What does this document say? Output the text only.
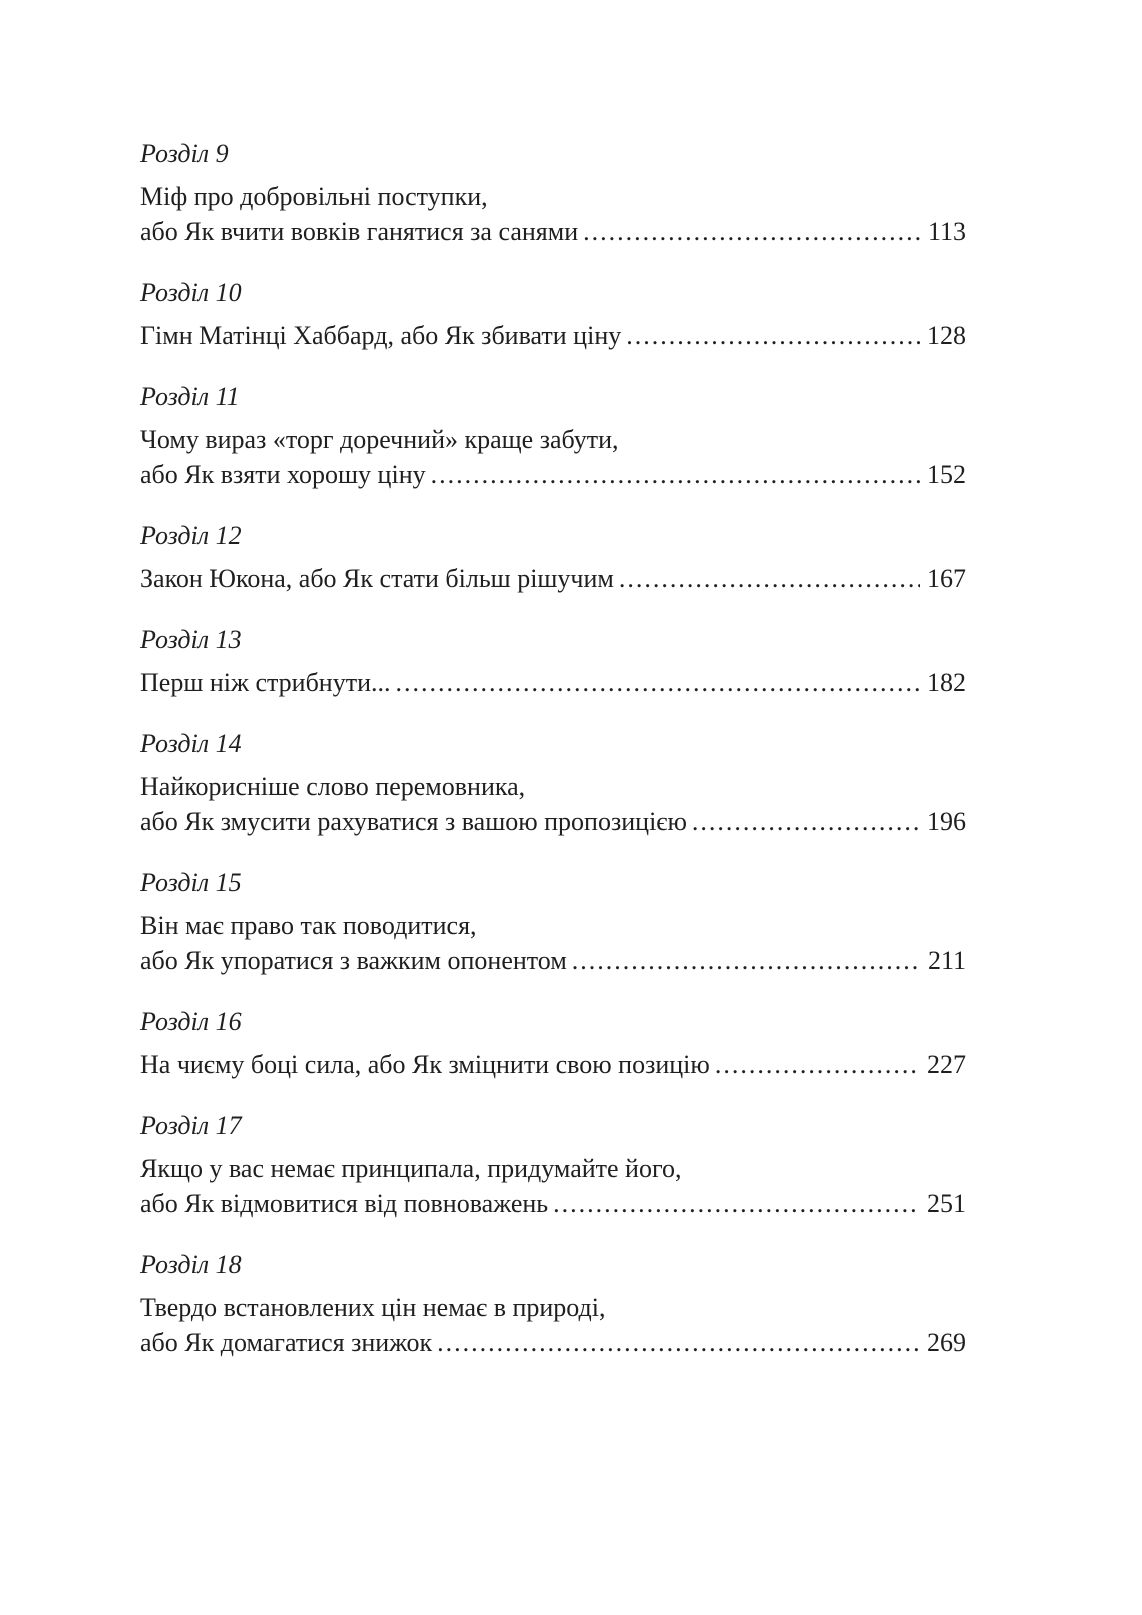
Розділ 9
Міф про добровільні поступки,
або Як вчити вовків ганятися за санями .....	113
Розділ 10
Гімн Матінці Хаббард, або Як збивати ціну .....	128
Розділ 11
Чому вираз «торг доречний» краще забути,
або Як взяти хорошу ціну .....	152
Розділ 12
Закон Юкона, або Як стати більш рішучим .....	167
Розділ 13
Перш ніж стрибнути... .....	182
Розділ 14
Найкорисніше слово перемовника,
або Як змусити рахуватися з вашою пропозицією .....	196
Розділ 15
Він має право так поводитися,
або Як упоратися з важким опонентом .....	211
Розділ 16
На чиєму боці сила, або Як зміцнити свою позицію .....	227
Розділ 17
Якщо у вас немає принципала, придумайте його,
або Як відмовитися від повноважень .....	251
Розділ 18
Твердо встановлених цін немає в природі,
або Як домагатися знижок .....	269
